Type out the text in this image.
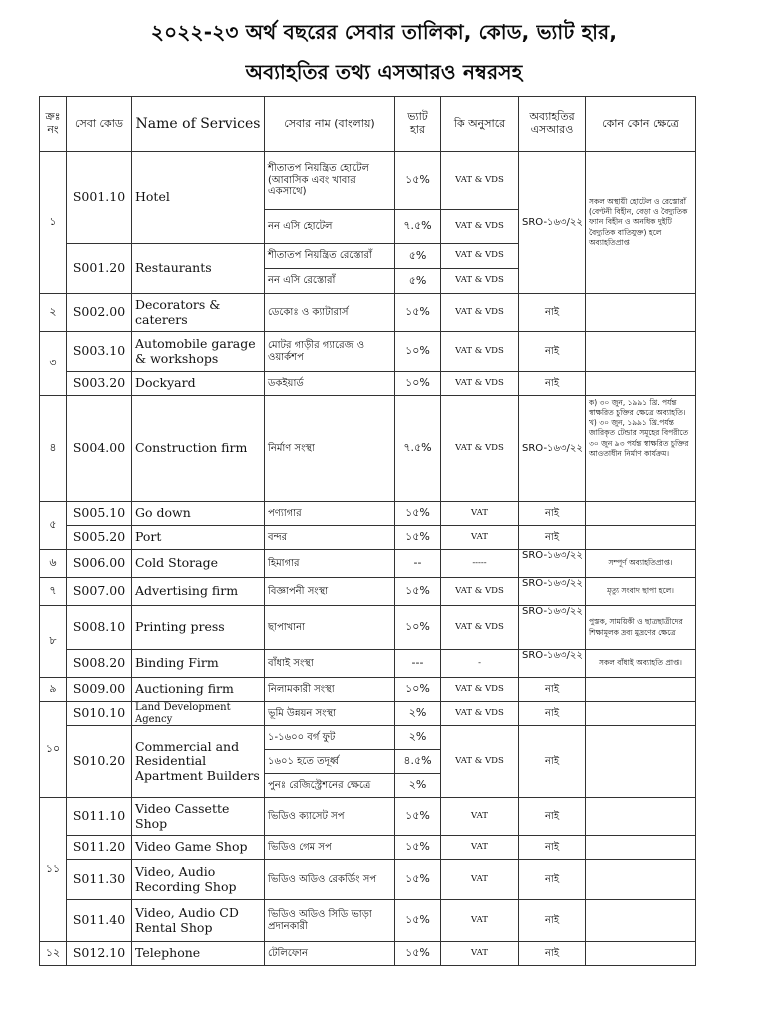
২০২২-২৩ অর্থ বছরের সেবার তালিকা, কোড, ভ্যাট হার,
অব্যাহতির তথ্য এসআরও নম্বরসহ
ক্রঃ নং	সেবা কোড	Name of Services	সেবার নাম (বাংলায়)	ভ্যাট হার	কি অনুসারে	অব্যাহতির এসআরও	কোন কোন ক্ষেত্রে
১	S001.10	Hotel	শীতাতপ নিয়ন্ত্রিত হোটেল (আবাসিক এবং খাবার একসাথে)	১৫%	VAT & VDS	SRO-১৬৩/২২	সকল অস্থায়ী হোটেল ও রেস্তোরাঁ (বেণ্টনী বিহীন, বেড়া ও বৈদ্যুতিক ফ্যান বিহীন ও অনধিক দুইটি বৈদ্যুতিক বাতিযুক্ত) হলে অব্যাহতিপ্রাপ্ত
			নন এসি হোটেল	৭.৫%	VAT & VDS		
	S001.20	Restaurants	শীতাতপ নিয়ন্ত্রিত রেস্তোরাঁ	৫%	VAT & VDS		
			নন এসি রেস্তোরাঁ	৫%	VAT & VDS		
২	S002.00	Decorators & caterers	ডেকোঃ ও ক্যাটারার্স	১৫%	VAT & VDS	নাই	
৩	S003.10	Automobile garage & workshops	মোটর গাড়ীর গ্যারেজ ও ওয়ার্কশপ	১০%	VAT & VDS	নাই	
	S003.20	Dockyard	ডকইয়ার্ড	১০%	VAT & VDS	নাই	
৪	S004.00	Construction firm	নির্মাণ সংস্থা	৭.৫%	VAT & VDS	SRO-১৬৩/২২	ক) ৩০ জুন, ১৯৯১ খ্রি. পর্যন্ত স্বাক্ষরিত চুক্তির ক্ষেত্রে অব্যাহতি। খ) ৩০ জুন, ১৯৯১ খ্রি.পর্যন্ত জারিকৃত টেন্ডার সমূহের বিপরীতে ৩০ জুন ৯৩ পর্যন্ত স্বাক্ষরিত চুক্তির আওতাধীন নির্মাণ কার্যক্রম।
৫	S005.10	Go down	পণ্যাগার	১৫%	VAT	নাই	
	S005.20	Port	বন্দর	১৫%	VAT	নাই	
৬	S006.00	Cold Storage	হিমাগার	--	-----	SRO-১৬৩/২২	সম্পূর্ণ অব্যাহতিপ্রাপ্ত।
৭	S007.00	Advertising firm	বিজ্ঞাপনী সংস্থা	১৫%	VAT & VDS	SRO-১৬৩/২২	মৃত্যু সংবাদ ছাপা হলে।
৮	S008.10	Printing press	ছাপাখানা	১০%	VAT & VDS	SRO-১৬৩/২২	পুস্তক, সাময়িকী ও ছাত্রছাত্রীদের শিক্ষামূলক দ্রব্য মুদ্রণের ক্ষেত্রে
	S008.20	Binding Firm	বাঁধাই সংস্থা	---	-	SRO-১৬৩/২২	সকল বাঁধাই অব্যাহতি প্রাপ্ত।
৯	S009.00	Auctioning firm	নিলামকারী সংস্থা	১০%	VAT & VDS	নাই	
১০	S010.10	Land Development Agency	ভূমি উন্নয়ন সংস্থা	২%	VAT & VDS	নাই	
	S010.20	Commercial and Residential Apartment Builders	১-১৬০০ বর্গ ফুট	২%	VAT & VDS	নাই	
			১৬০১ হতে তদূর্ধ্ব	৪.৫%			
			পুনঃ রেজিস্ট্রেশনের ক্ষেত্রে	২%			
১১	S011.10	Video Cassette Shop	ভিডিও ক্যাসেট সপ	১৫%	VAT	নাই	
	S011.20	Video Game Shop	ভিডিও গেম সপ	১৫%	VAT	নাই	
	S011.30	Video, Audio Recording Shop	ভিডিও অডিও রেকর্ডিং সপ	১৫%	VAT	নাই	
	S011.40	Video, Audio CD Rental Shop	ভিডিও অডিও সিডি ভাড়া প্রদানকারী	১৫%	VAT	নাই	
১২	S012.10	Telephone	টেলিফোন	১৫%	VAT	নাই	
